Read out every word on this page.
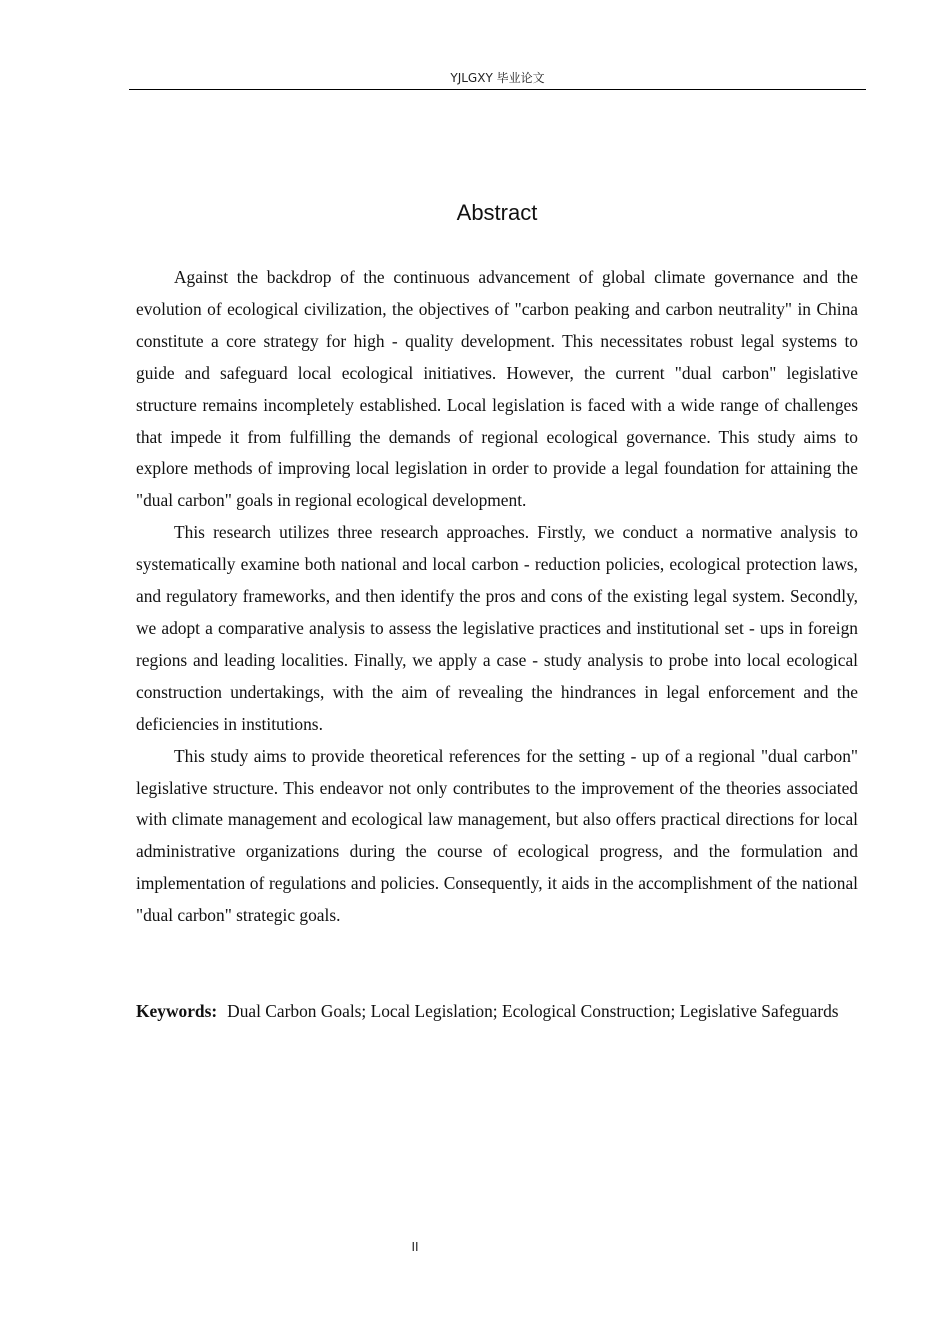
YJLGXY 毕业论文
Abstract

Against the backdrop of the continuous advancement of global climate governance and the evolution of ecological civilization, the objectives of "carbon peaking and carbon neutrality" in China constitute a core strategy for high - quality development. This necessitates robust legal systems to guide and safeguard local ecological initiatives. However, the current "dual carbon" legislative structure remains incompletely established. Local legislation is faced with a wide range of challenges that impede it from fulfilling the demands of regional ecological governance. This study aims to explore methods of improving local legislation in order to provide a legal foundation for attaining the "dual carbon" goals in regional ecological development.

This research utilizes three research approaches. Firstly, we conduct a normative analysis to systematically examine both national and local carbon - reduction policies, ecological protection laws, and regulatory frameworks, and then identify the pros and cons of the existing legal system. Secondly, we adopt a comparative analysis to assess the legislative practices and institutional set - ups in foreign regions and leading localities. Finally, we apply a case - study analysis to probe into local ecological construction undertakings, with the aim of revealing the hindrances in legal enforcement and the deficiencies in institutions.

This study aims to provide theoretical references for the setting - up of a regional "dual carbon" legislative structure. This endeavor not only contributes to the improvement of the theories associated with climate management and ecological law management, but also offers practical directions for local administrative organizations during the course of ecological progress, and the formulation and implementation of regulations and policies. Consequently, it aids in the accomplishment of the national "dual carbon" strategic goals.

Keywords: Dual Carbon Goals; Local Legislation; Ecological Construction; Legislative Safeguards

II
